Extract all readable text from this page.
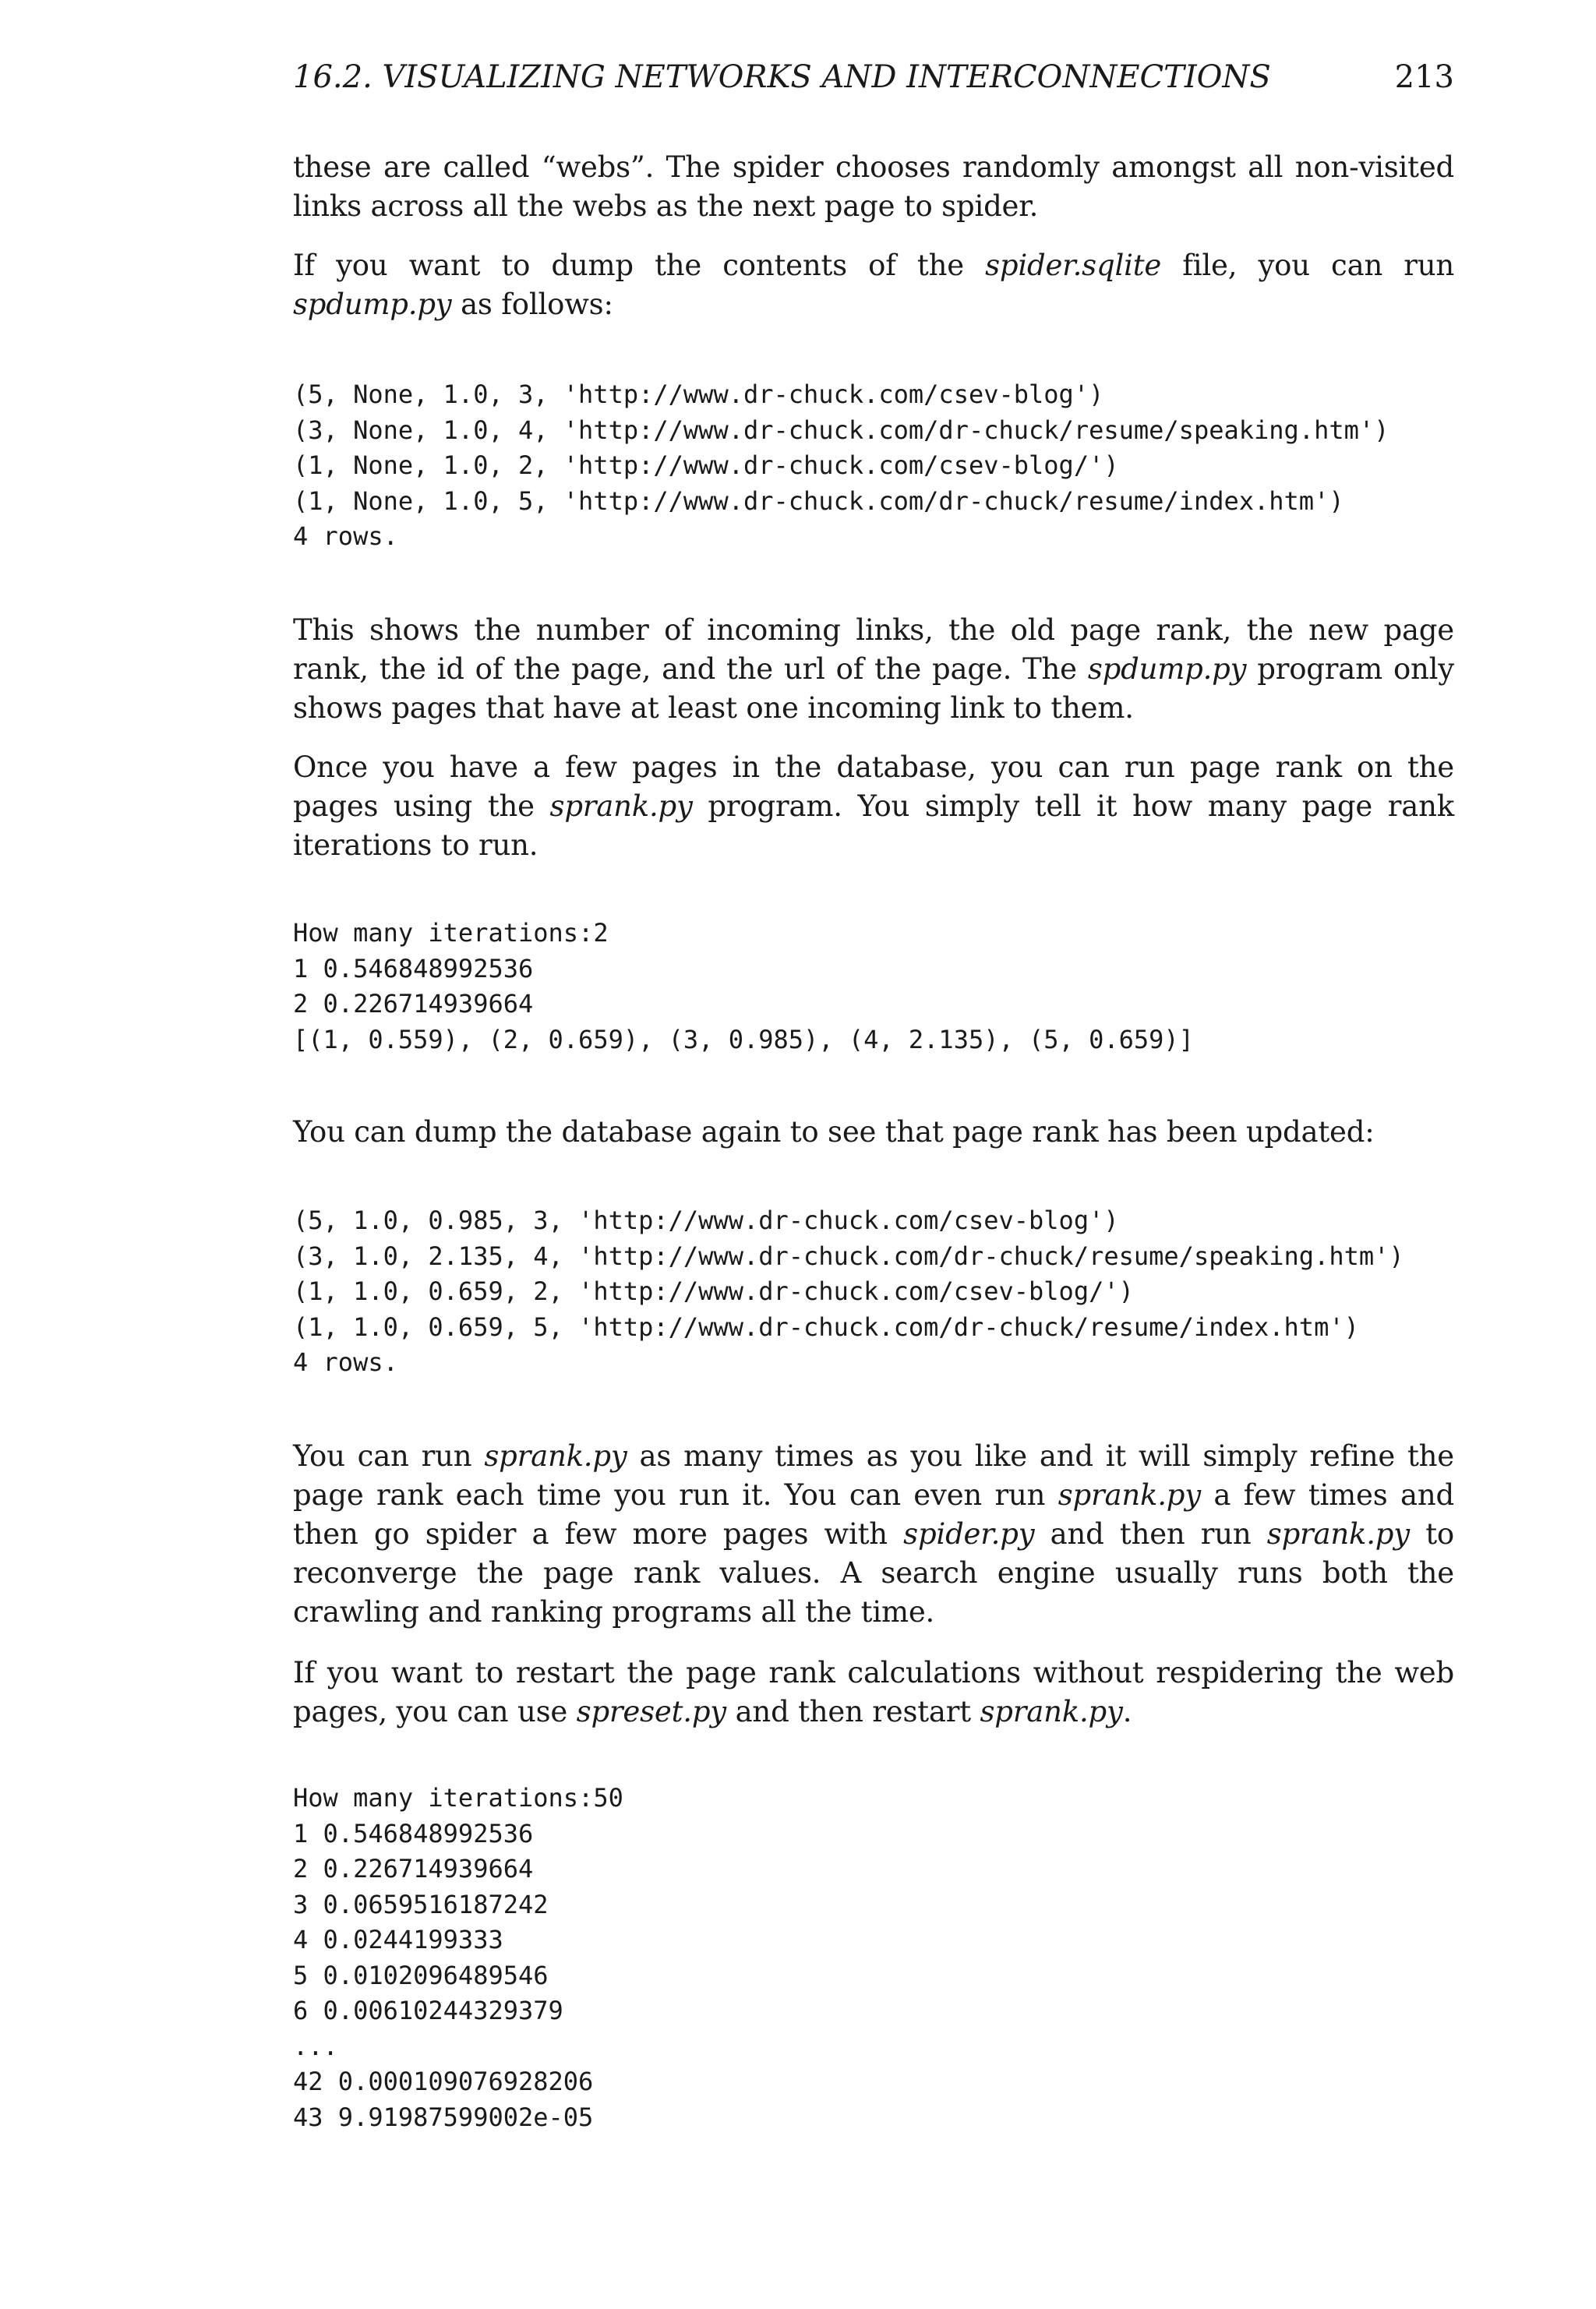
16.2. VISUALIZING NETWORKS AND INTERCONNECTIONS	213

these are called “webs”. The spider chooses randomly amongst all non-visited links across all the webs as the next page to spider.

If you want to dump the contents of the spider.sqlite file, you can run spdump.py as follows:

(5, None, 1.0, 3, 'http://www.dr-chuck.com/csev-blog')
(3, None, 1.0, 4, 'http://www.dr-chuck.com/dr-chuck/resume/speaking.htm')
(1, None, 1.0, 2, 'http://www.dr-chuck.com/csev-blog/')
(1, None, 1.0, 5, 'http://www.dr-chuck.com/dr-chuck/resume/index.htm')
4 rows.

This shows the number of incoming links, the old page rank, the new page rank, the id of the page, and the url of the page. The spdump.py program only shows pages that have at least one incoming link to them.

Once you have a few pages in the database, you can run page rank on the pages using the sprank.py program. You simply tell it how many page rank iterations to run.

How many iterations:2
1 0.546848992536
2 0.226714939664
[(1, 0.559), (2, 0.659), (3, 0.985), (4, 2.135), (5, 0.659)]

You can dump the database again to see that page rank has been updated:

(5, 1.0, 0.985, 3, 'http://www.dr-chuck.com/csev-blog')
(3, 1.0, 2.135, 4, 'http://www.dr-chuck.com/dr-chuck/resume/speaking.htm')
(1, 1.0, 0.659, 2, 'http://www.dr-chuck.com/csev-blog/')
(1, 1.0, 0.659, 5, 'http://www.dr-chuck.com/dr-chuck/resume/index.htm')
4 rows.

You can run sprank.py as many times as you like and it will simply refine the page rank each time you run it. You can even run sprank.py a few times and then go spider a few more pages with spider.py and then run sprank.py to reconverge the page rank values. A search engine usually runs both the crawling and ranking programs all the time.

If you want to restart the page rank calculations without respidering the web pages, you can use spreset.py and then restart sprank.py.

How many iterations:50
1 0.546848992536
2 0.226714939664
3 0.0659516187242
4 0.0244199333
5 0.0102096489546
6 0.00610244329379
...
42 0.000109076928206
43 9.91987599002e-05
